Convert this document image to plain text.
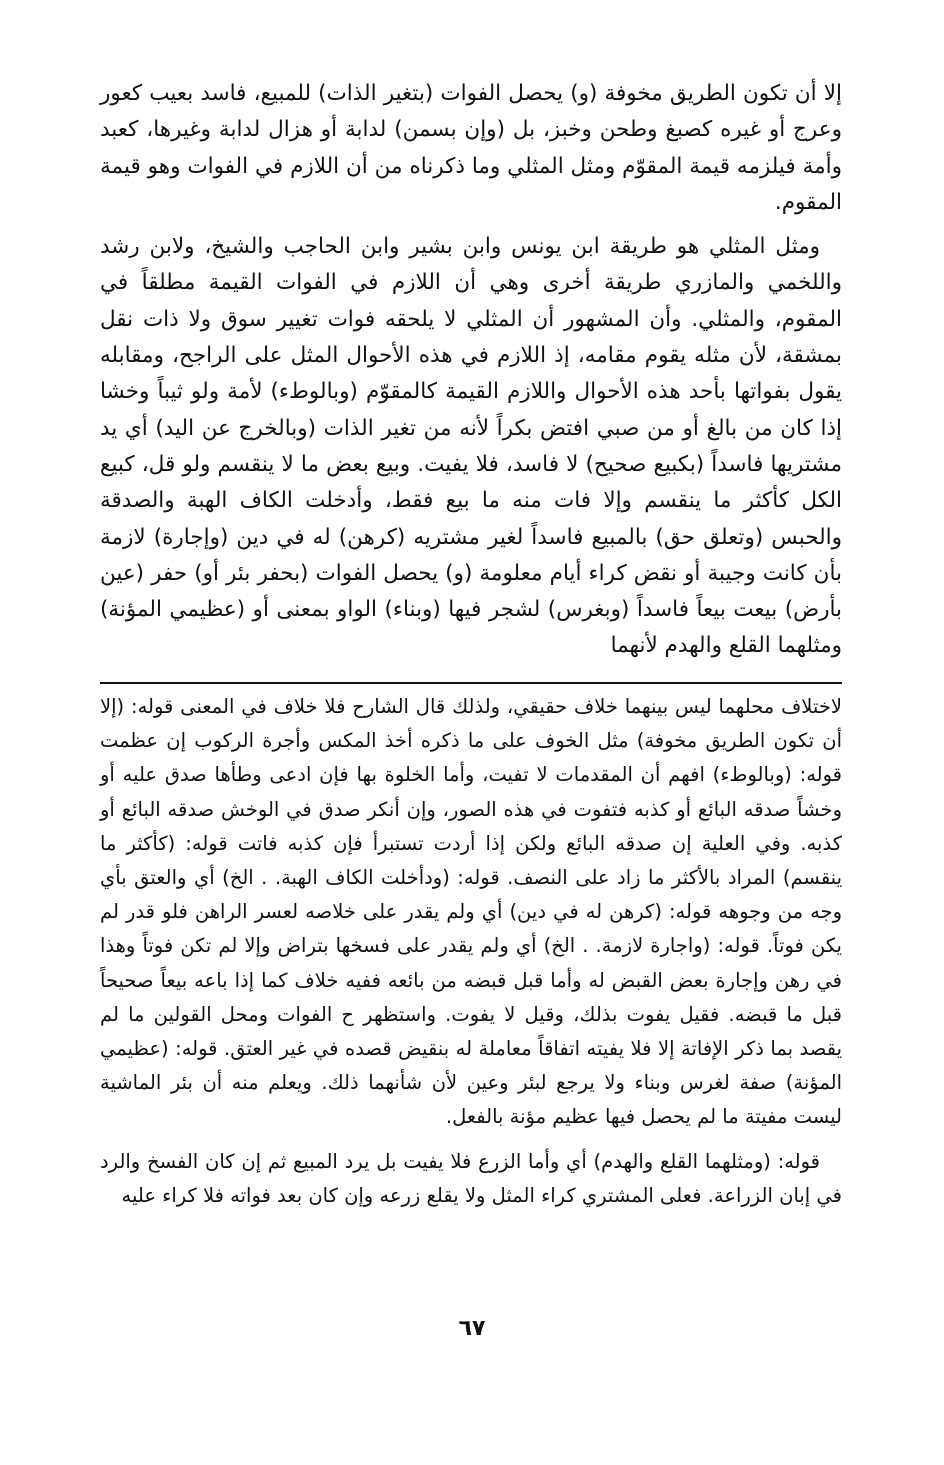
إلا أن تكون الطريق مخوفة (و) يحصل الفوات (بتغير الذات) للمبيع، فاسد بعيب كعور وعرج أو غيره كصبغ وطحن وخبز، بل (وإن بسمن) لدابة أو هزال لدابة وغيرها، كعبد وأمة فيلزمه قيمة المقوّم ومثل المثلي وما ذكرناه من أن اللازم في الفوات وهو قيمة المقوم.

ومثل المثلي هو طريقة ابن يونس وابن بشير وابن الحاجب والشيخ، ولابن رشد واللخمي والمازري طريقة أخرى وهي أن اللازم في الفوات القيمة مطلقاً في المقوم، والمثلي. وأن المشهور أن المثلي لا يلحقه فوات تغيير سوق ولا ذات نقل بمشقة، لأن مثله يقوم مقامه، إذ اللازم في هذه الأحوال المثل على الراجح، ومقابله يقول بفواتها بأحد هذه الأحوال واللازم القيمة كالمقوّم (وبالوطء) لأمة ولو ثيباً وخشا إذا كان من بالغ أو من صبي افتض بكراً لأنه من تغير الذات (وبالخرج عن اليد) أي يد مشتريها فاسداً (بكبيع صحيح) لا فاسد، فلا يفيت. وبيع بعض ما لا ينقسم ولو قل، كبيع الكل كأكثر ما ينقسم وإلا فات منه ما بيع فقط، وأدخلت الكاف الهبة والصدقة والحبس (وتعلق حق) بالمبيع فاسداً لغير مشتريه (كرهن) له في دين (وإجارة) لازمة بأن كانت وجيبة أو نقض كراء أيام معلومة (و) يحصل الفوات (بحفر بئر أو) حفر (عين بأرض) بيعت بيعاً فاسداً (وبغرس) لشجر فيها (وبناء) الواو بمعنى أو (عظيمي المؤنة) ومثلهما القلع والهدم لأنهما

لاختلاف محلهما ليس بينهما خلاف حقيقي، ولذلك قال الشارح فلا خلاف في المعنى قوله: (إلا أن تكون الطريق مخوفة) مثل الخوف على ما ذكره أخذ المكس وأجرة الركوب إن عظمت قوله: (وبالوطء) افهم أن المقدمات لا تفيت، وأما الخلوة بها فإن ادعى وطأها صدق عليه أو وخشاً صدقه البائع أو كذبه فتفوت في هذه الصور، وإن أنكر صدق في الوخش صدقه البائع أو كذبه. وفي العلية إن صدقه البائع ولكن إذا أردت تستبرأ فإن كذبه فاتت قوله: (كأكثر ما ينقسم) المراد بالأكثر ما زاد على النصف. قوله: (ودأخلت الكاف الهبة. . الخ) أي والعتق بأي وجه من وجوهه قوله: (كرهن له في دين) أي ولم يقدر على خلاصه لعسر الراهن فلو قدر لم يكن فوتاً. قوله: (واجارة لازمة. . الخ) أي ولم يقدر على فسخها بتراض وإلا لم تكن فوتاً وهذا في رهن وإجارة بعض القبض له وأما قبل قبضه من بائعه ففيه خلاف كما إذا باعه بيعاً صحيحاً قبل ما قبضه. فقيل يفوت بذلك، وقيل لا يفوت. واستظهر ح الفوات ومحل القولين ما لم يقصد بما ذكر الإفاتة إلا فلا يفيته اتفاقاً معاملة له بنقيض قصده في غير العتق. قوله: (عظيمي المؤنة) صفة لغرس وبناء ولا يرجع لبئر وعين لأن شأنهما ذلك. ويعلم منه أن بئر الماشية ليست مفيتة ما لم يحصل فيها عظيم مؤنة بالفعل.

قوله: (ومثلهما القلع والهدم) أي وأما الزرع فلا يفيت بل يرد المبيع ثم إن كان الفسخ والرد في إبان الزراعة. فعلى المشتري كراء المثل ولا يقلع زرعه وإن كان بعد فواته فلا كراء عليه

٦٧
